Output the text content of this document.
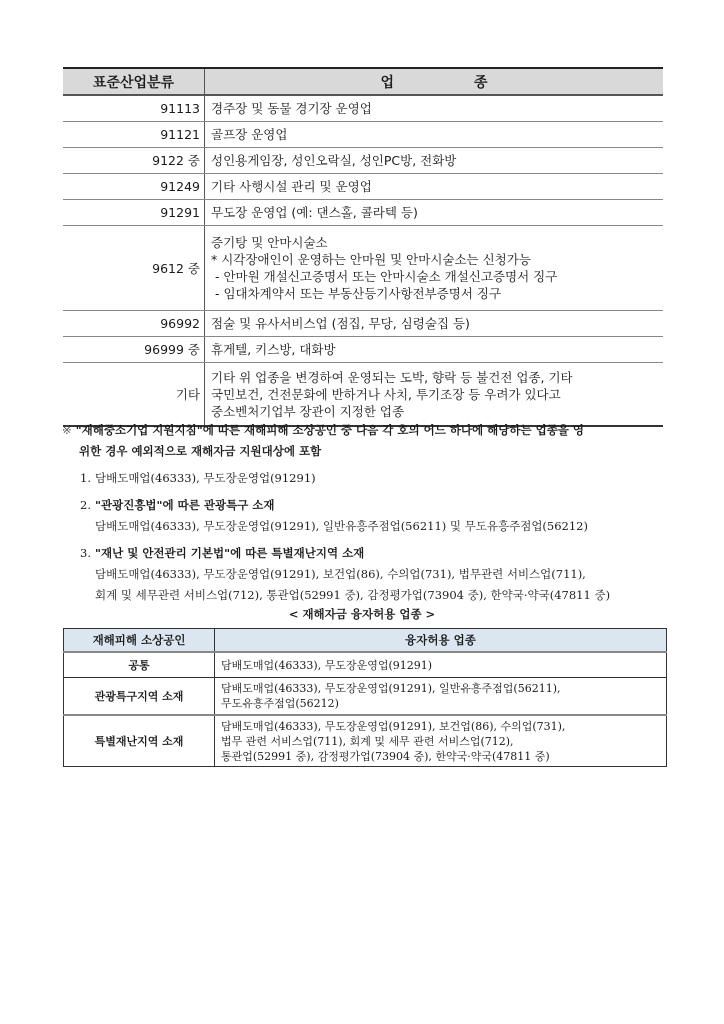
표준산업분류	업 종
91113	경주장 및 동물 경기장 운영업
91121	골프장 운영업
9122 중	성인용게임장, 성인오락실, 성인PC방, 전화방
91249	기타 사행시설 관리 및 운영업
91291	무도장 운영업 (예: 댄스홀, 콜라텍 등)
9612 중	증기탕 및 안마시술소
* 시각장애인이 운영하는 안마원 및 안마시술소는 신청가능
- 안마원 개설신고증명서 또는 안마시술소 개설신고증명서 징구
- 임대차계약서 또는 부동산등기사항전부증명서 징구

96992	점술 및 유사서비스업 (점집, 무당, 심령술집 등)
96999 중	휴게텔, 키스방, 대화방
기타	기타 위 업종을 변경하여 운영되는 도박, 향락 등 불건전 업종, 기타
국민보건, 건전문화에 반하거나 사치, 투기조장 등 우려가 있다고
중소벤처기업부 장관이 지정한 업종
※ "재해중소기업 지원지침"에 따른 재해피해 소상공인 중 다음 각 호의 어느 하나에 해당하는 업종을 영
위한 경우 예외적으로 재해자금 지원대상에 포함
1. 담배도매업(46333), 무도장운영업(91291)
2. "관광진흥법"에 따른 관광특구 소재
담배도매업(46333), 무도장운영업(91291), 일반유흥주점업(56211) 및 무도유흥주점업(56212)
3. "재난 및 안전관리 기본법"에 따른 특별재난지역 소재
담배도매업(46333), 무도장운영업(91291), 보건업(86), 수의업(731), 법무관련 서비스업(711),
회계 및 세무관련 서비스업(712), 통관업(52991 중), 감정평가업(73904 중), 한약국·약국(47811 중)
< 재해자금 융자허용 업종 >
재해피해 소상공인	융자허용 업종
공통	담배도매업(46333), 무도장운영업(91291)
관광특구지역 소재	담배도매업(46333), 무도장운영업(91291), 일반유흥주점업(56211),
무도유흥주점업(56212)

특별재난지역 소재	담배도매업(46333), 무도장운영업(91291), 보건업(86), 수의업(731),
법무 관련 서비스업(711), 회계 및 세무 관련 서비스업(712),
통관업(52991 중), 감정평가업(73904 중), 한약국·약국(47811 중)
